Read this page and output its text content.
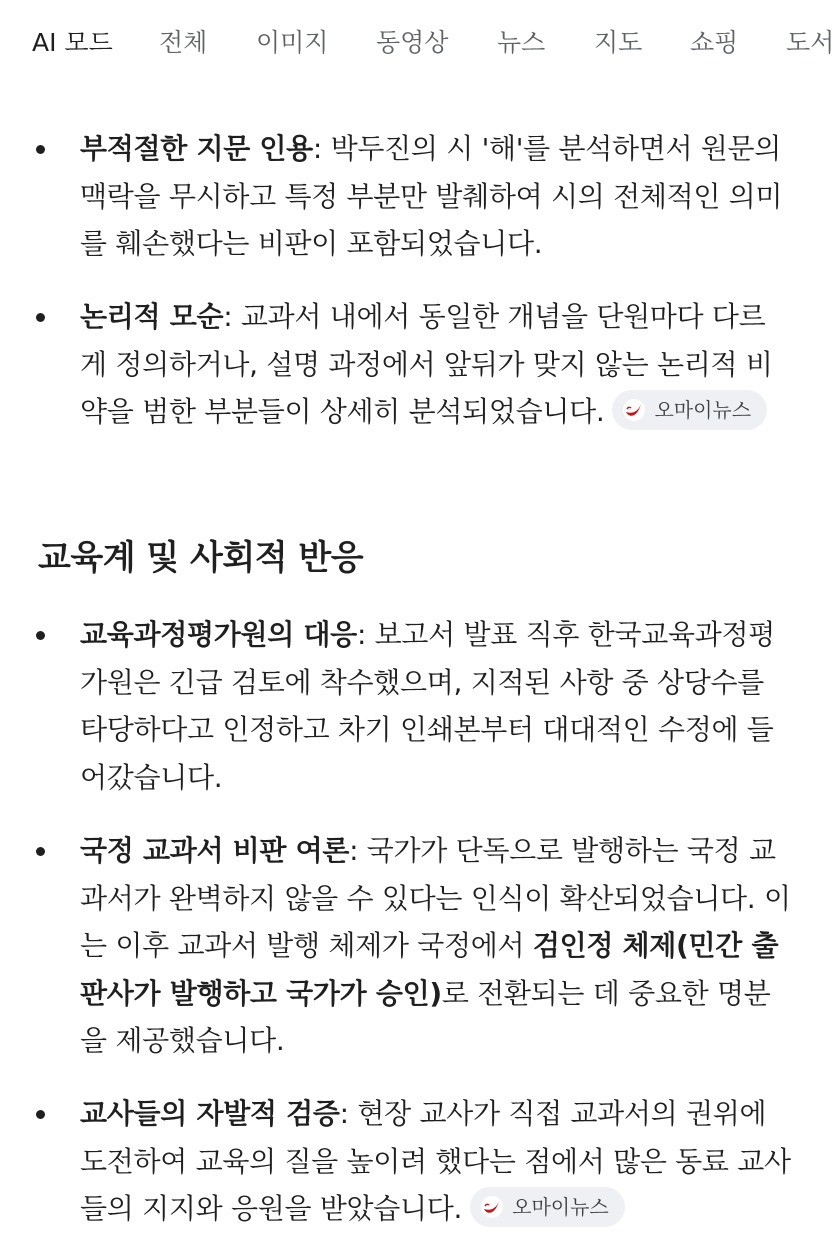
AI 모드 전체 이미지 동영상 뉴스 지도 쇼핑 도서
부적절한 지문 인용: 박두진의 시 '해'를 분석하면서 원문의 맥락을 무시하고 특정 부분만 발췌하여 시의 전체적인 의미를 훼손했다는 비판이 포함되었습니다.
논리적 모순: 교과서 내에서 동일한 개념을 단원마다 다르게 정의하거나, 설명 과정에서 앞뒤가 맞지 않는 논리적 비약을 범한 부분들이 상세히 분석되었습니다.	오마이뉴스
교육계 및 사회적 반응
교육과정평가원의 대응: 보고서 발표 직후 한국교육과정평가원은 긴급 검토에 착수했으며, 지적된 사항 중 상당수를 타당하다고 인정하고 차기 인쇄본부터 대대적인 수정에 들어갔습니다.
국정 교과서 비판 여론: 국가가 단독으로 발행하는 국정 교과서가 완벽하지 않을 수 있다는 인식이 확산되었습니다. 이는 이후 교과서 발행 체제가 국정에서 검인정 체제(민간 출판사가 발행하고 국가가 승인)로 전환되는 데 중요한 명분을 제공했습니다.
교사들의 자발적 검증: 현장 교사가 직접 교과서의 권위에 도전하여 교육의 질을 높이려 했다는 점에서 많은 동료 교사들의 지지와 응원을 받았습니다.	오마이뉴스
